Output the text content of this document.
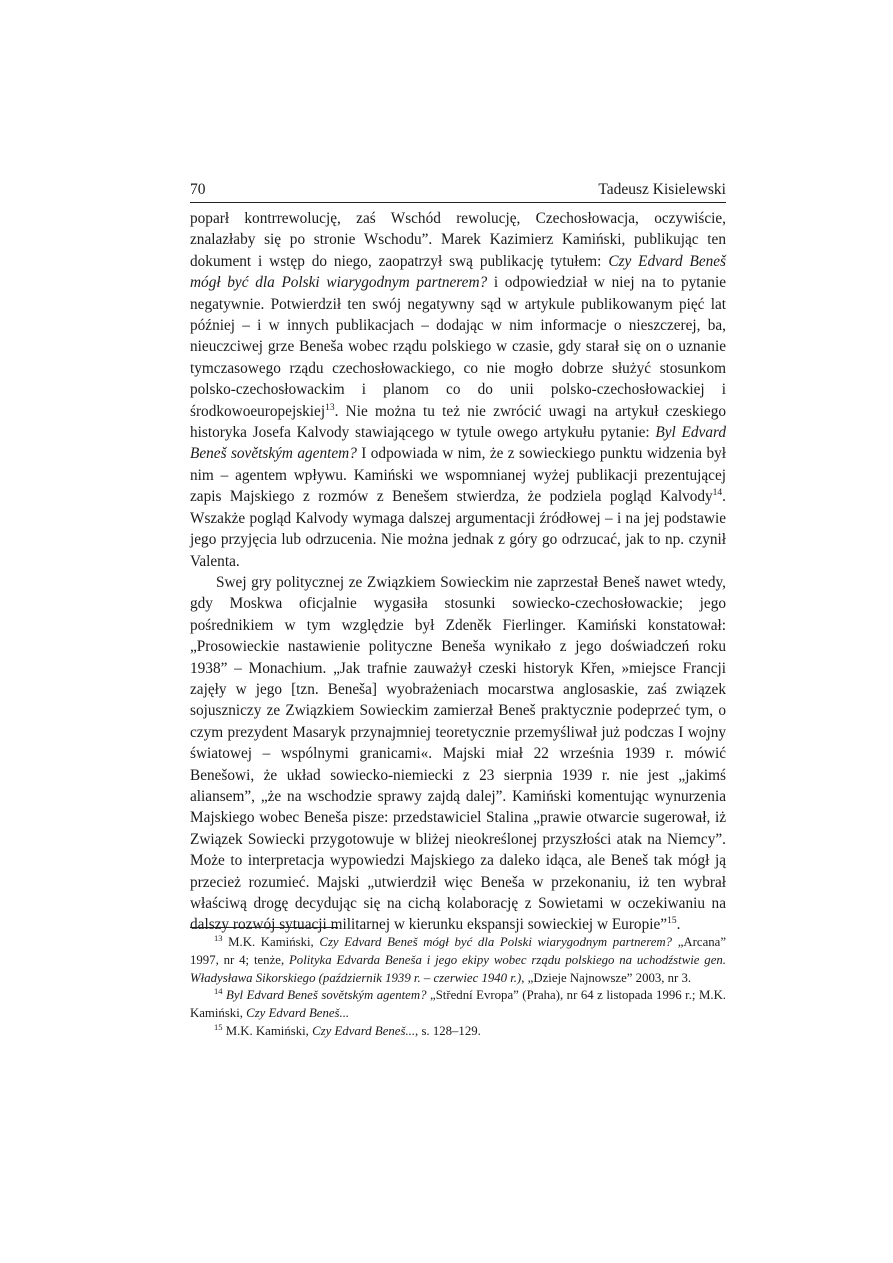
70	Tadeusz Kisielewski

poparł kontrrewolucję, zaś Wschód rewolucję, Czechosłowacja, oczywiście, znalazłaby się po stronie Wschodu”. Marek Kazimierz Kamiński, publikując ten dokument i wstęp do niego, zaopatrzył swą publikację tytułem: Czy Edvard Beneš mógł być dla Polski wiarygodnym partnerem? i odpowiedział w niej na to pytanie negatywnie. Potwierdził ten swój negatywny sąd w artykule publikowanym pięć lat później – i w innych publikacjach – dodając w nim informacje o nieszczerej, ba, nieuczciwej grze Beneša wobec rządu polskiego w czasie, gdy starał się on o uznanie tymczasowego rządu czechosłowackiego, co nie mogło dobrze służyć stosunkom polsko-czechosłowackim i planom co do unii polsko-czechosłowackiej i środkowoeuropejskiej$^{13}$. Nie można tu też nie zwrócić uwagi na artykuł czeskiego historyka Josefa Kalvody stawiającego w tytule owego artykułu pytanie: Byl Edvard Beneš sovětským agentem? I odpowiada w nim, że z sowieckiego punktu widzenia był nim – agentem wpływu. Kamiński we wspomnianej wyżej publikacji prezentującej zapis Majskiego z rozmów z Benešem stwierdza, że podziela pogląd Kalvody$^{14}$. Wszakże pogląd Kalvody wymaga dalszej argumentacji źródłowej – i na jej podstawie jego przyjęcia lub odrzucenia. Nie można jednak z góry go odrzucać, jak to np. czynił Valenta.

Swej gry politycznej ze Związkiem Sowieckim nie zaprzestał Beneš nawet wtedy, gdy Moskwa oficjalnie wygasiła stosunki sowiecko-czechosłowackie; jego pośrednikiem w tym względzie był Zdeněk Fierlinger. Kamiński konstatował: „Prosowieckie nastawienie polityczne Beneša wynikało z jego doświadczeń roku 1938” – Monachium. „Jak trafnie zauważył czeski historyk Křen, »miejsce Francji zajęły w jego [tzn. Beneša] wyobrażeniach mocarstwa anglosaskie, zaś związek sojuszniczy ze Związkiem Sowieckim zamierzał Beneš praktycznie podeprzeć tym, o czym prezydent Masaryk przynajmniej teoretycznie przemyśliwał już podczas I wojny światowej – wspólnymi granicami«. Majski miał 22 września 1939 r. mówić Benešowi, że układ sowiecko-niemiecki z 23 sierpnia 1939 r. nie jest „jakimś aliansem”, „że na wschodzie sprawy zajdą dalej”. Kamiński komentując wynurzenia Majskiego wobec Beneša pisze: przedstawiciel Stalina „prawie otwarcie sugerował, iż Związek Sowiecki przygotowuje w bliżej nieokreślonej przyszłości atak na Niemcy”. Może to interpretacja wypowiedzi Majskiego za daleko idąca, ale Beneš tak mógł ją przecież rozumieć. Majski „utwierdził więc Beneša w przekonaniu, iż ten wybrał właściwą drogę decydując się na cichą kolaborację z Sowietami w oczekiwaniu na dalszy rozwój sytuacji militarnej w kierunku ekspansji sowieckiej w Europie”$^{15}$.

$^{13}$ M.K. Kamiński, Czy Edvard Beneš mógł być dla Polski wiarygodnym partnerem? „Arcana” 1997, nr 4; tenże, Polityka Edvarda Beneša i jego ekipy wobec rządu polskiego na uchodźstwie gen. Władysława Sikorskiego (październik 1939 r. – czerwiec 1940 r.), „Dzieje Najnowsze” 2003, nr 3.

$^{14}$ Byl Edvard Beneš sovětským agentem? „Střední Evropa” (Praha), nr 64 z listopada 1996 r.; M.K. Kamiński, Czy Edvard Beneš...

$^{15}$ M.K. Kamiński, Czy Edvard Beneš..., s. 128–129.
